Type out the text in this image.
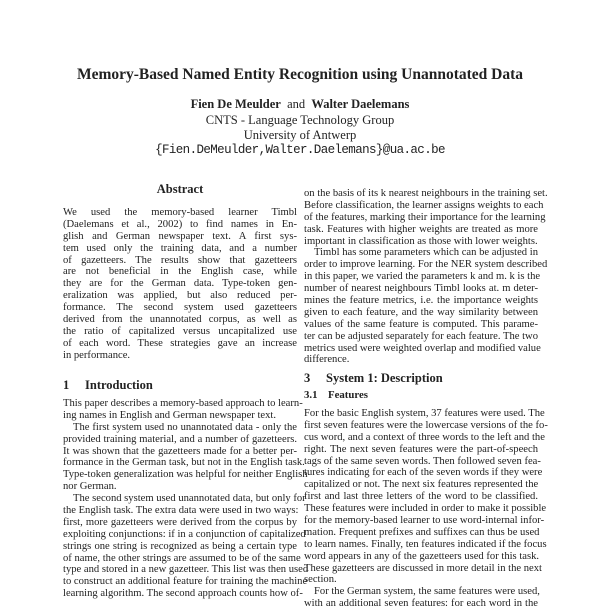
Memory-Based Named Entity Recognition using Unannotated Data
Fien De Meulder and Walter Daelemans
CNTS - Language Technology Group
University of Antwerp
{Fien.DeMeulder,Walter.Daelemans}@ua.ac.be
Abstract
We used the memory-based learner Timbl
(Daelemans et al., 2002) to find names in En-
glish and German newspaper text. A first sys-
tem used only the training data, and a number
of gazetteers. The results show that gazetteers
are not beneficial in the English case, while
they are for the German data. Type-token gen-
eralization was applied, but also reduced per-
formance. The second system used gazetteers
derived from the unannotated corpus, as well as
the ratio of capitalized versus uncapitalized use
of each word. These strategies gave an increase
in performance.
1 Introduction
This paper describes a memory-based approach to learn-
ing names in English and German newspaper text.
The first system used no unannotated data - only the
provided training material, and a number of gazetteers.
It was shown that the gazetteers made for a better per-
formance in the German task, but not in the English task.
Type-token generalization was helpful for neither English
nor German.
The second system used unannotated data, but only for
the English task. The extra data were used in two ways:
first, more gazetteers were derived from the corpus by
exploiting conjunctions: if in a conjunction of capitalized
strings one string is recognized as being a certain type
of name, the other strings are assumed to be of the same
type and stored in a new gazetteer. This list was then used
to construct an additional feature for training the machine
learning algorithm. The second approach counts how of-
on the basis of its k nearest neighbours in the training set.
Before classification, the learner assigns weights to each
of the features, marking their importance for the learning
task. Features with higher weights are treated as more
important in classification as those with lower weights.
Timbl has some parameters which can be adjusted in
order to improve learning. For the NER system described
in this paper, we varied the parameters k and m. k is the
number of nearest neighbours Timbl looks at. m deter-
mines the feature metrics, i.e. the importance weights
given to each feature, and the way similarity between
values of the same feature is computed. This parame-
ter can be adjusted separately for each feature. The two
metrics used were weighted overlap and modified value
difference.
3 System 1: Description
3.1 Features
For the basic English system, 37 features were used. The
first seven features were the lowercase versions of the fo-
cus word, and a context of three words to the left and the
right. The next seven features were the part-of-speech
tags of the same seven words. Then followed seven fea-
tures indicating for each of the seven words if they were
capitalized or not. The next six features represented the
first and last three letters of the word to be classified.
These features were included in order to make it possible
for the memory-based learner to use word-internal infor-
mation. Frequent prefixes and suffixes can thus be used
to learn names. Finally, ten features indicated if the focus
word appears in any of the gazetteers used for this task.
These gazetteers are discussed in more detail in the next
section.
For the German system, the same features were used,
with an additional seven features: for each word in the
